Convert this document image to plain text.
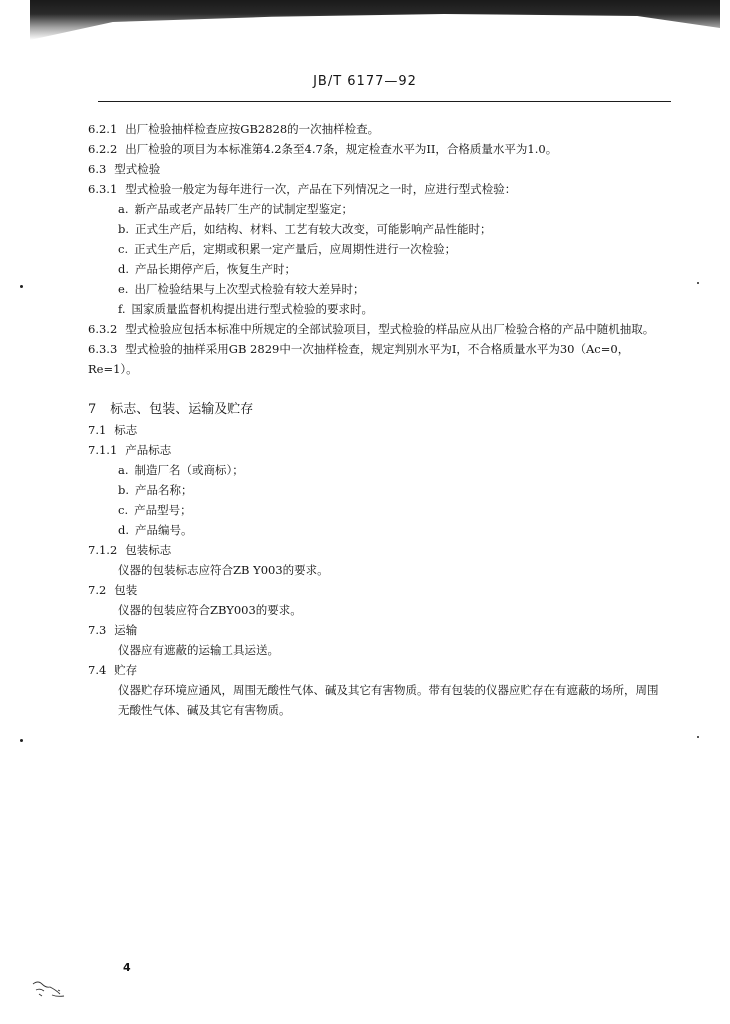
JB/T 6177—92
6.2.1 出厂检验抽样检查应按GB2828的一次抽样检查。
6.2.2 出厂检验的项目为本标准第4.2条至4.7条，规定检查水平为II，合格质量水平为1.0。
6.3 型式检验
6.3.1 型式检验一般定为每年进行一次，产品在下列情况之一时，应进行型式检验：
a. 新产品或老产品转厂生产的试制定型鉴定；
b. 正式生产后，如结构、材料、工艺有较大改变，可能影响产品性能时；
c. 正式生产后，定期或积累一定产量后，应周期性进行一次检验；
d. 产品长期停产后，恢复生产时；
e. 出厂检验结果与上次型式检验有较大差异时；
f. 国家质量监督机构提出进行型式检验的要求时。
6.3.2 型式检验应包括本标准中所规定的全部试验项目，型式检验的样品应从出厂检验合格的产品中随机抽取。
6.3.3 型式检验的抽样采用GB 2829中一次抽样检查，规定判别水平为I，不合格质量水平为30（Ac=0，Re=1）。
7 标志、包装、运输及贮存
7.1 标志
7.1.1 产品标志
a. 制造厂名（或商标）；
b. 产品名称；
c. 产品型号；
d. 产品编号。
7.1.2 包装标志
仪器的包装标志应符合ZB Y003的要求。
7.2 包装
仪器的包装应符合ZBY003的要求。
7.3 运输
仪器应有遮蔽的运输工具运送。
7.4 贮存
仪器贮存环境应通风，周围无酸性气体、碱及其它有害物质。带有包装的仪器应贮存在有遮蔽的场所，周围无酸性气体、碱及其它有害物质。
4
